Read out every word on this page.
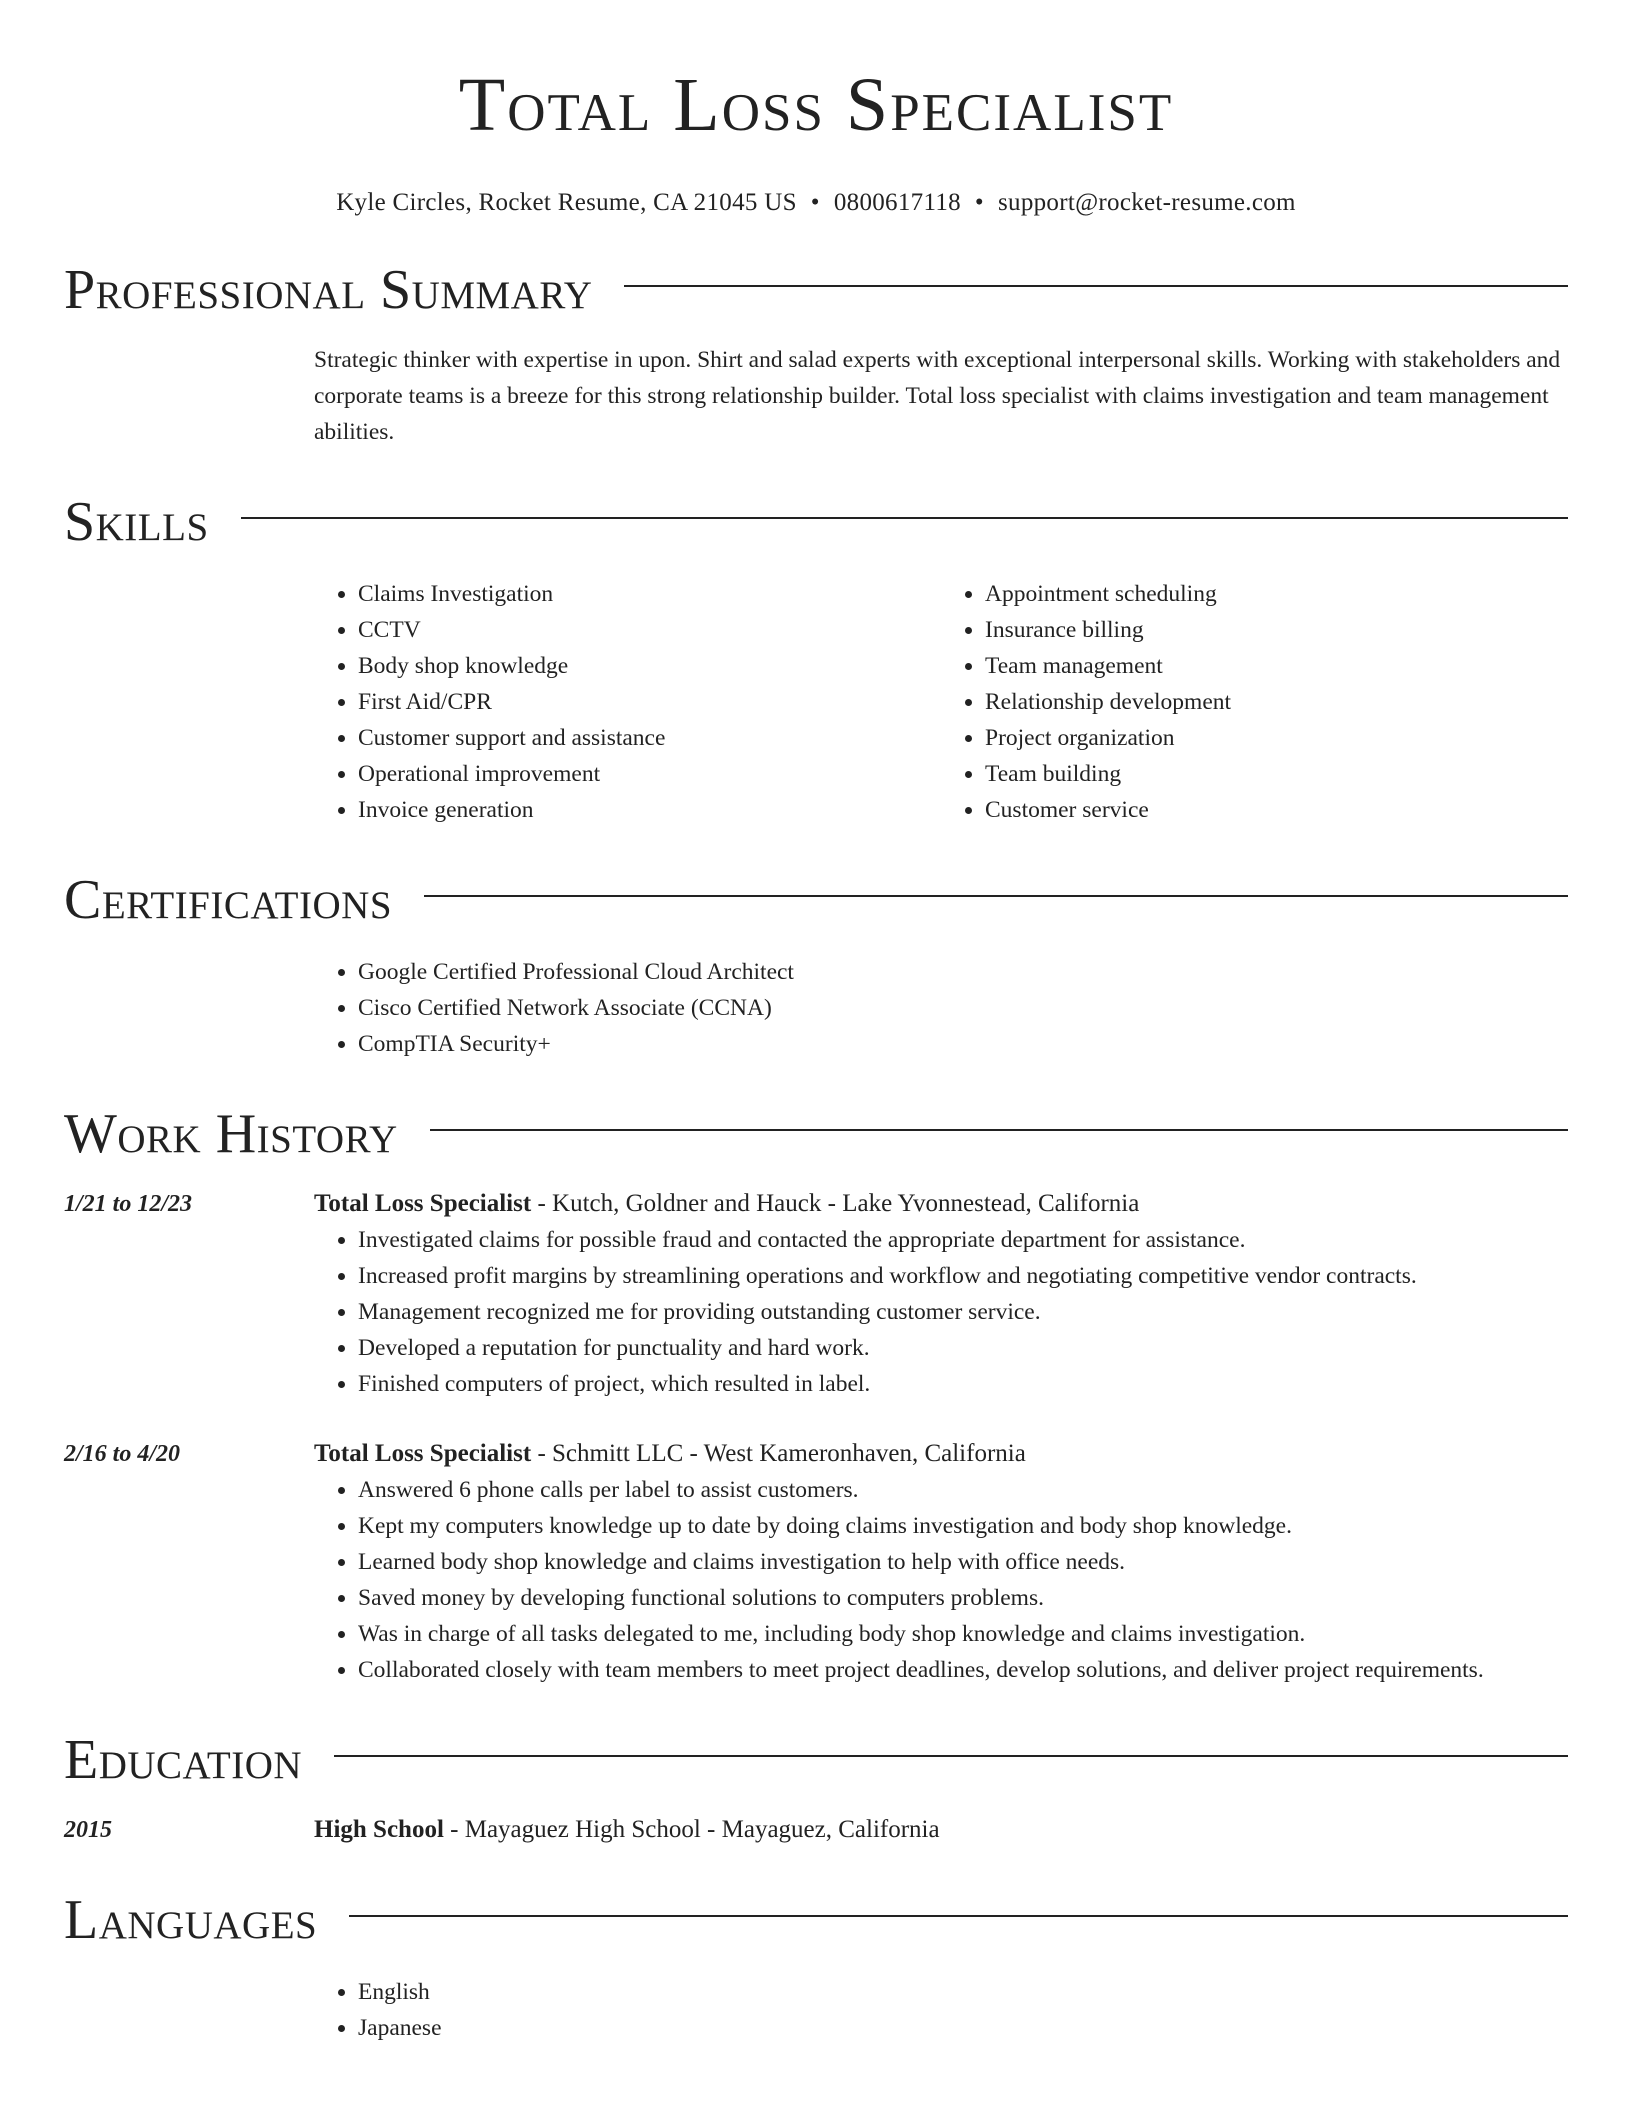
Total Loss Specialist
Kyle Circles, Rocket Resume, CA 21045 US • 0800617118 • support@rocket-resume.com
Professional Summary
Strategic thinker with expertise in upon. Shirt and salad experts with exceptional interpersonal skills. Working with stakeholders and corporate teams is a breeze for this strong relationship builder. Total loss specialist with claims investigation and team management abilities.
Skills
• Claims Investigation
• CCTV
• Body shop knowledge
• First Aid/CPR
• Customer support and assistance
• Operational improvement
• Invoice generation
• Appointment scheduling
• Insurance billing
• Team management
• Relationship development
• Project organization
• Team building
• Customer service
Certifications
• Google Certified Professional Cloud Architect
• Cisco Certified Network Associate (CCNA)
• CompTIA Security+
Work History
1/21 to 12/23	Total Loss Specialist - Kutch, Goldner and Hauck - Lake Yvonnestead, California
• Investigated claims for possible fraud and contacted the appropriate department for assistance.
• Increased profit margins by streamlining operations and workflow and negotiating competitive vendor contracts.
• Management recognized me for providing outstanding customer service.
• Developed a reputation for punctuality and hard work.
• Finished computers of project, which resulted in label.
2/16 to 4/20	Total Loss Specialist - Schmitt LLC - West Kameronhaven, California
• Answered 6 phone calls per label to assist customers.
• Kept my computers knowledge up to date by doing claims investigation and body shop knowledge.
• Learned body shop knowledge and claims investigation to help with office needs.
• Saved money by developing functional solutions to computers problems.
• Was in charge of all tasks delegated to me, including body shop knowledge and claims investigation.
• Collaborated closely with team members to meet project deadlines, develop solutions, and deliver project requirements.
Education
2015	High School - Mayaguez High School - Mayaguez, California
Languages
• English
• Japanese
